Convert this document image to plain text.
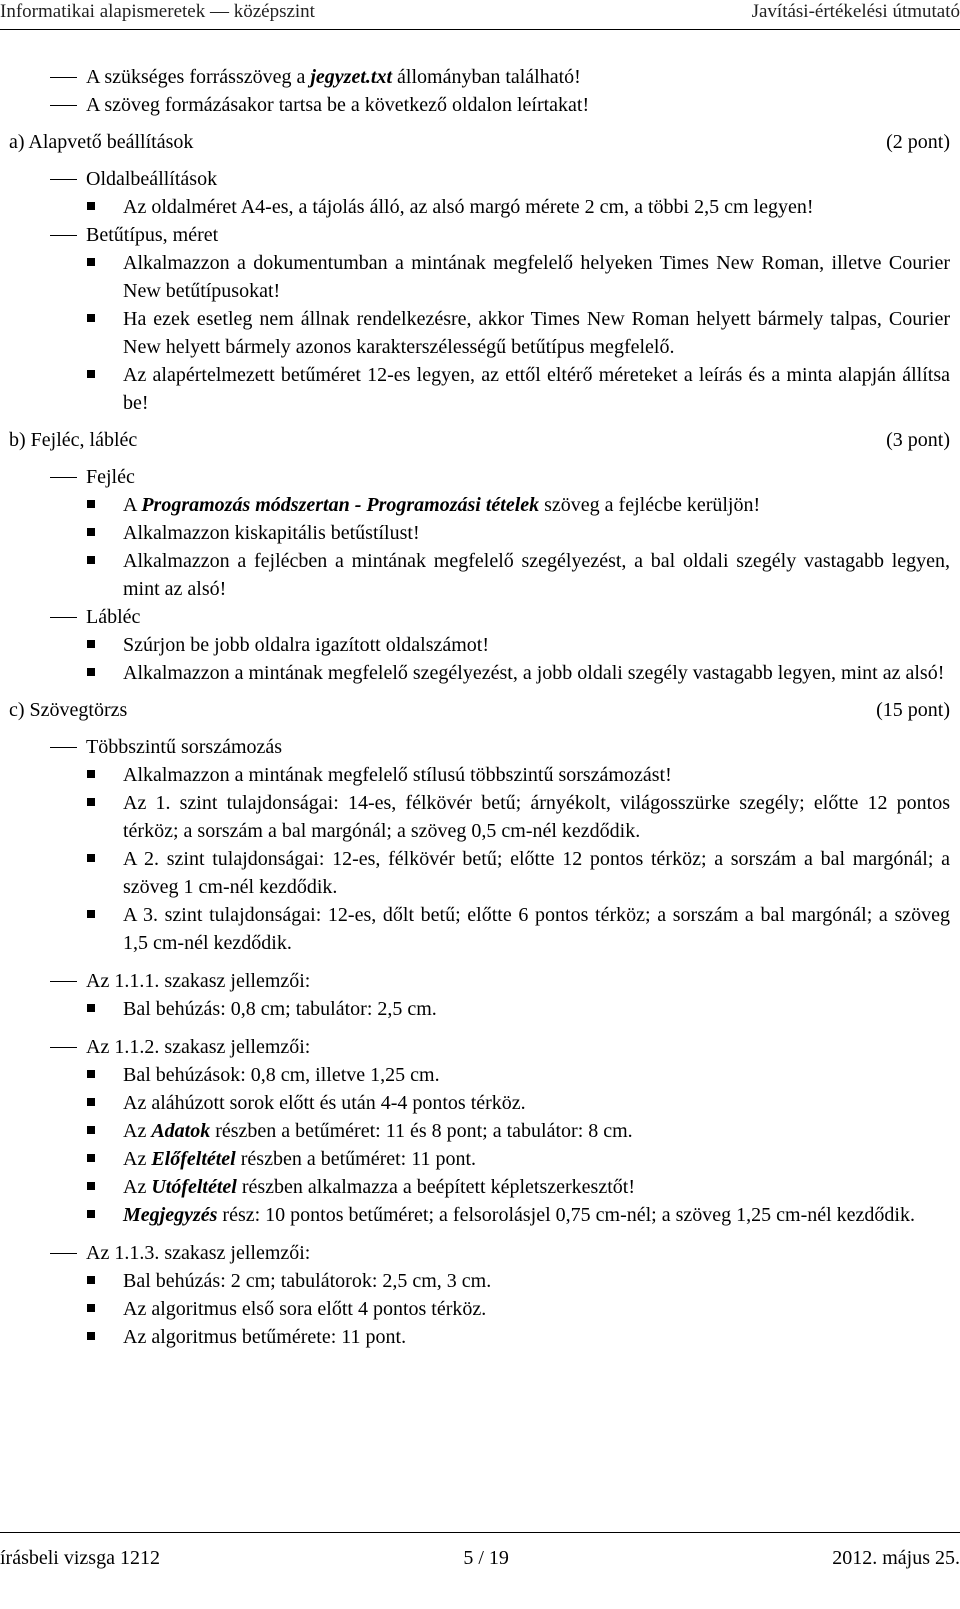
Informatikai alapismeretek — középszint	Javítási-értékelési útmutató
A szükséges forrásszöveg a jegyzet.txt állományban található!
A szöveg formázásakor tartsa be a következő oldalon leírtakat!
a) Alapvető beállítások	(2 pont)
Oldalbeállítások
Az oldalméret A4-es, a tájolás álló, az alsó margó mérete 2 cm, a többi 2,5 cm legyen!
Betűtípus, méret
Alkalmazzon a dokumentumban a mintának megfelelő helyeken Times New Roman, illetve Courier New betűtípusokat!
Ha ezek esetleg nem állnak rendelkezésre, akkor Times New Roman helyett bármely talpas, Courier New helyett bármely azonos karakterszélességű betűtípus megfelelő.
Az alapértelmezett betűméret 12-es legyen, az ettől eltérő méreteket a leírás és a minta alapján állítsa be!
b) Fejléc, lábléc	(3 pont)
Fejléc
A Programozás módszertan - Programozási tételek szöveg a fejlécbe kerüljön!
Alkalmazzon kiskapitális betűstílust!
Alkalmazzon a fejlécben a mintának megfelelő szegélyezést, a bal oldali szegély vastagabb legyen, mint az alsó!
Lábléc
Szúrjon be jobb oldalra igazított oldalszámot!
Alkalmazzon a mintának megfelelő szegélyezést, a jobb oldali szegély vastagabb legyen, mint az alsó!
c) Szövegtörzs	(15 pont)
Többszintű sorszámozás
Alkalmazzon a mintának megfelelő stílusú többszintű sorszámozást!
Az 1. szint tulajdonságai: 14-es, félkövér betű; árnyékolt, világosszürke szegély; előtte 12 pontos térköz; a sorszám a bal margónál; a szöveg 0,5 cm-nél kezdődik.
A 2. szint tulajdonságai: 12-es, félkövér betű; előtte 12 pontos térköz; a sorszám a bal margónál; a szöveg 1 cm-nél kezdődik.
A 3. szint tulajdonságai: 12-es, dőlt betű; előtte 6 pontos térköz; a sorszám a bal margónál; a szöveg 1,5 cm-nél kezdődik.
Az 1.1.1. szakasz jellemzői:
Bal behúzás: 0,8 cm; tabulátor: 2,5 cm.
Az 1.1.2. szakasz jellemzői:
Bal behúzások: 0,8 cm, illetve 1,25 cm.
Az aláhúzott sorok előtt és után 4-4 pontos térköz.
Az Adatok részben a betűméret: 11 és 8 pont; a tabulátor: 8 cm.
Az Előfeltétel részben a betűméret: 11 pont.
Az Utófeltétel részben alkalmazza a beépített képletszerkesztőt!
Megjegyzés rész: 10 pontos betűméret; a felsorolásjel 0,75 cm-nél; a szöveg 1,25 cm-nél kezdődik.
Az 1.1.3. szakasz jellemzői:
Bal behúzás: 2 cm; tabulátorok: 2,5 cm, 3 cm.
Az algoritmus első sora előtt 4 pontos térköz.
Az algoritmus betűmérete: 11 pont.
írásbeli vizsga 1212	5 / 19	2012. május 25.
